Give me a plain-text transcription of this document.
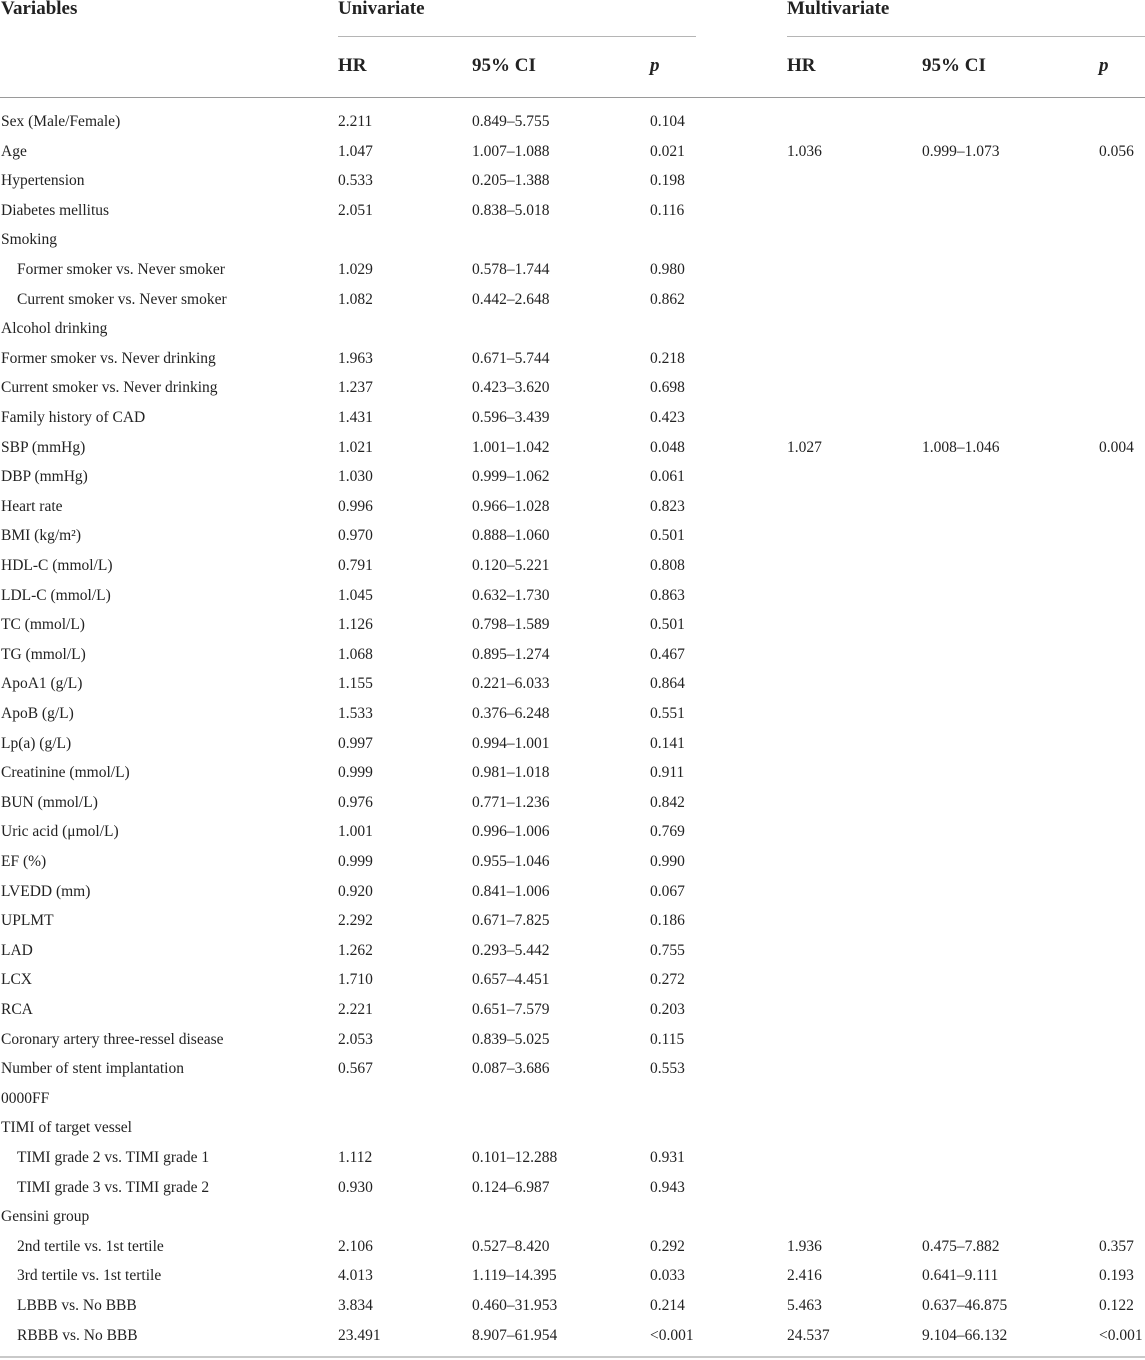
Variables	Univariate	Multivariate
HR	95% CI	p	HR	95% CI	p
Sex (Male/Female)	2.211	0.849–5.755	0.104
Age	1.047	1.007–1.088	0.021	1.036	0.999–1.073	0.056
Hypertension	0.533	0.205–1.388	0.198
Diabetes mellitus	2.051	0.838–5.018	0.116
Smoking
Former smoker vs. Never smoker	1.029	0.578–1.744	0.980
Current smoker vs. Never smoker	1.082	0.442–2.648	0.862
Alcohol drinking
Former smoker vs. Never drinking	1.963	0.671–5.744	0.218
Current smoker vs. Never drinking	1.237	0.423–3.620	0.698
Family history of CAD	1.431	0.596–3.439	0.423
SBP (mmHg)	1.021	1.001–1.042	0.048	1.027	1.008–1.046	0.004
DBP (mmHg)	1.030	0.999–1.062	0.061
Heart rate	0.996	0.966–1.028	0.823
BMI (kg/m²)	0.970	0.888–1.060	0.501
HDL-C (mmol/L)	0.791	0.120–5.221	0.808
LDL-C (mmol/L)	1.045	0.632–1.730	0.863
TC (mmol/L)	1.126	0.798–1.589	0.501
TG (mmol/L)	1.068	0.895–1.274	0.467
ApoA1 (g/L)	1.155	0.221–6.033	0.864
ApoB (g/L)	1.533	0.376–6.248	0.551
Lp(a) (g/L)	0.997	0.994–1.001	0.141
Creatinine (mmol/L)	0.999	0.981–1.018	0.911
BUN (mmol/L)	0.976	0.771–1.236	0.842
Uric acid (μmol/L)	1.001	0.996–1.006	0.769
EF (%)	0.999	0.955–1.046	0.990
LVEDD (mm)	0.920	0.841–1.006	0.067
UPLMT	2.292	0.671–7.825	0.186
LAD	1.262	0.293–5.442	0.755
LCX	1.710	0.657–4.451	0.272
RCA	2.221	0.651–7.579	0.203
Coronary artery three-ressel disease	2.053	0.839–5.025	0.115
Number of stent implantation	0.567	0.087–3.686	0.553
0000FF
TIMI of target vessel
TIMI grade 2 vs. TIMI grade 1	1.112	0.101–12.288	0.931
TIMI grade 3 vs. TIMI grade 2	0.930	0.124–6.987	0.943
Gensini group
2nd tertile vs. 1st tertile	2.106	0.527–8.420	0.292	1.936	0.475–7.882	0.357
3rd tertile vs. 1st tertile	4.013	1.119–14.395	0.033	2.416	0.641–9.111	0.193
LBBB vs. No BBB	3.834	0.460–31.953	0.214	5.463	0.637–46.875	0.122
RBBB vs. No BBB	23.491	8.907–61.954	<0.001	24.537	9.104–66.132	<0.001
